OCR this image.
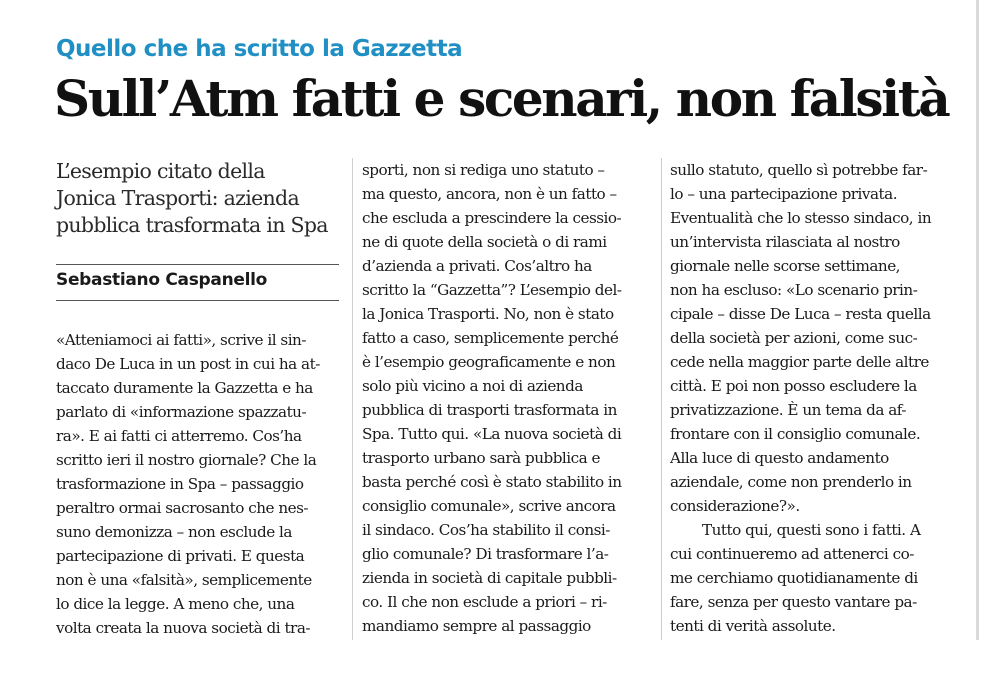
Quello che ha scritto la Gazzetta
Sull’Atm fatti e scenari, non falsità
L’esempio citato della
Jonica Trasporti: azienda
pubblica trasformata in Spa
Sebastiano Caspanello
«Atteniamoci ai fatti», scrive il sin-
daco De Luca in un post in cui ha at-
taccato duramente la Gazzetta e ha
parlato di «informazione spazzatu-
ra». E ai fatti ci atterremo. Cos’ha
scritto ieri il nostro giornale? Che la
trasformazione in Spa – passaggio
peraltro ormai sacrosanto che nes-
suno demonizza – non esclude la
partecipazione di privati. E questa
non è una «falsità», semplicemente
lo dice la legge. A meno che, una
volta creata la nuova società di tra-
sporti, non si rediga uno statuto –
ma questo, ancora, non è un fatto –
che escluda a prescindere la cessio-
ne di quote della società o di rami
d’azienda a privati. Cos’altro ha
scritto la “Gazzetta”? L’esempio del-
la Jonica Trasporti. No, non è stato
fatto a caso, semplicemente perché
è l’esempio geograficamente e non
solo più vicino a noi di azienda
pubblica di trasporti trasformata in
Spa. Tutto qui. «La nuova società di
trasporto urbano sarà pubblica e
basta perché così è stato stabilito in
consiglio comunale», scrive ancora
il sindaco. Cos’ha stabilito il consi-
glio comunale? Di trasformare l’a-
zienda in società di capitale pubbli-
co. Il che non esclude a priori – ri-
mandiamo sempre al passaggio
sullo statuto, quello sì potrebbe far-
lo – una partecipazione privata.
Eventualità che lo stesso sindaco, in
un’intervista rilasciata al nostro
giornale nelle scorse settimane,
non ha escluso: «Lo scenario prin-
cipale – disse De Luca – resta quella
della società per azioni, come suc-
cede nella maggior parte delle altre
città. E poi non posso escludere la
privatizzazione. È un tema da af-
frontare con il consiglio comunale.
Alla luce di questo andamento
aziendale, come non prenderlo in
considerazione?».
Tutto qui, questi sono i fatti. A
cui continueremo ad attenerci co-
me cerchiamo quotidianamente di
fare, senza per questo vantare pa-
tenti di verità assolute.
